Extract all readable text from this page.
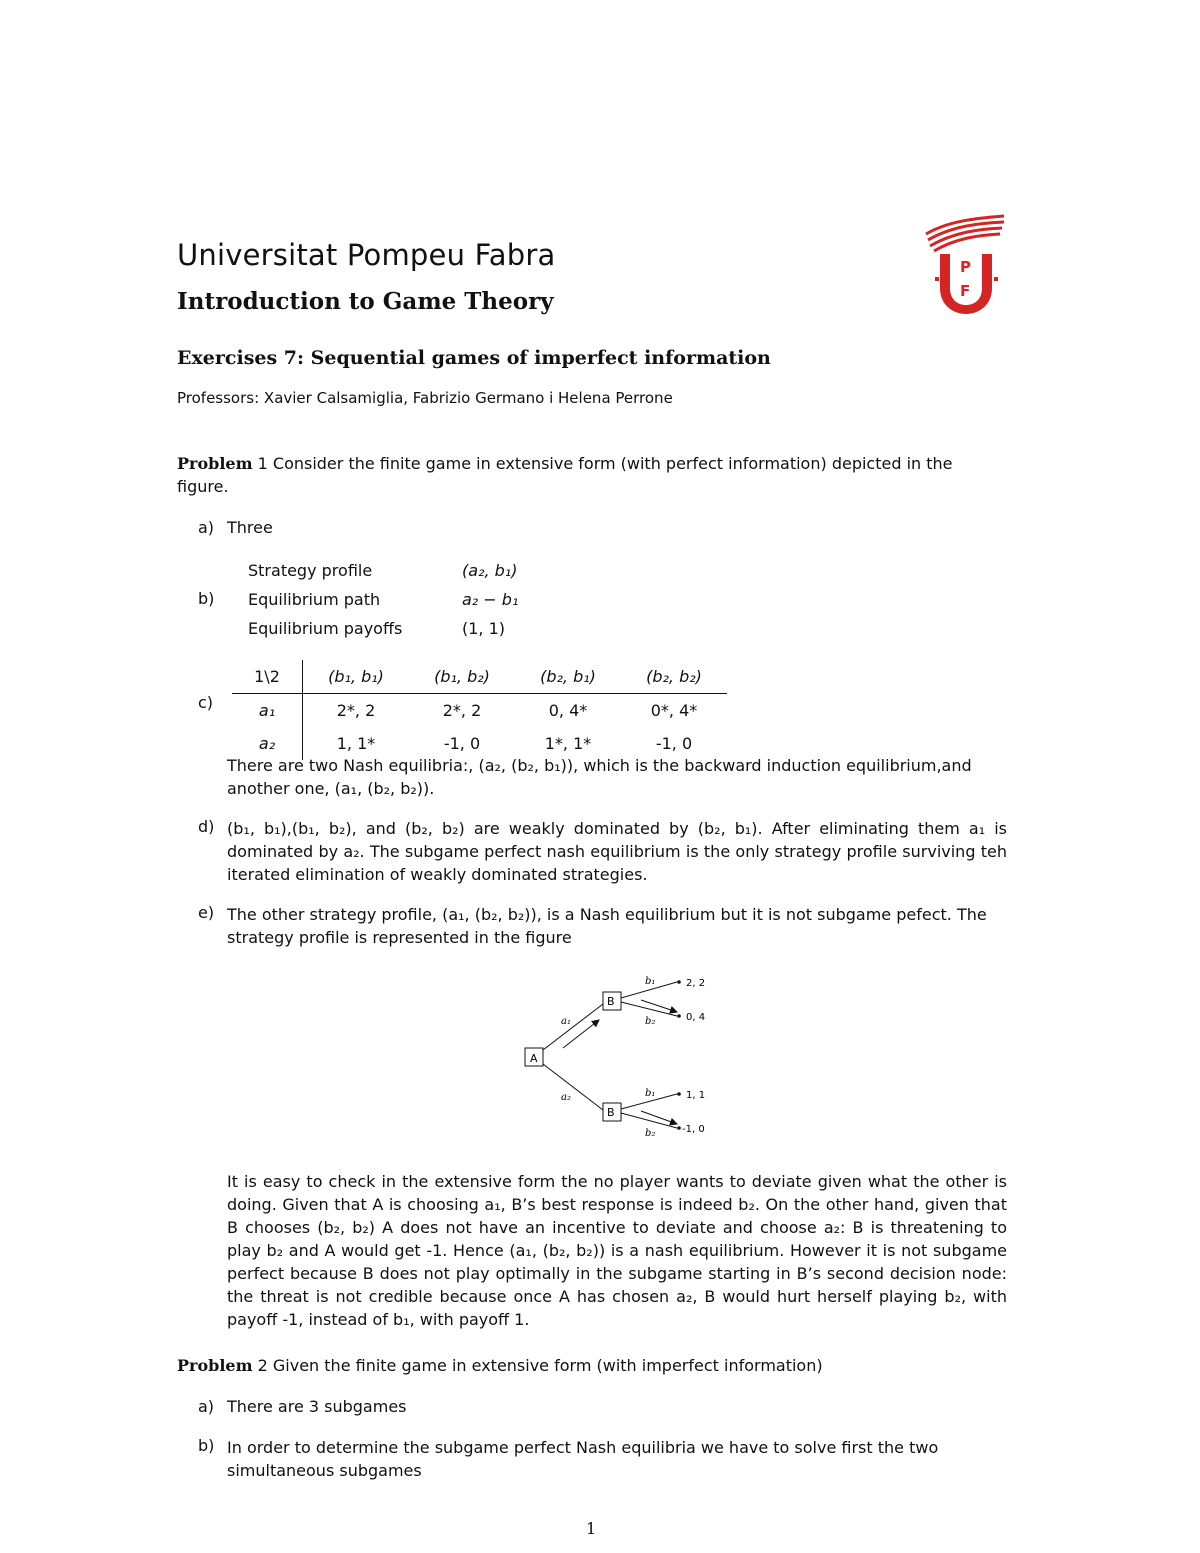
Universitat Pompeu Fabra
Introduction to Game Theory
P
F
Exercises 7: Sequential games of imperfect information
Professors: Xavier Calsamiglia, Fabrizio Germano i Helena Perrone
Problem 1 Consider the finite game in extensive form (with perfect information) depicted in the figure.
a) Three
b)
Strategy profile	(a₂, b₁)
Equilibrium path	a₂ − b₁
Equilibrium payoffs	(1, 1)
c)
1\2	(b₁, b₁)	(b₁, b₂)	(b₂, b₁)	(b₂, b₂)
a₁	2*, 2	2*, 2	0, 4*	0*, 4*
a₂	1, 1*	-1, 0	1*, 1*	-1, 0
There are two Nash equilibria:, (a₂, (b₂, b₁)), which is the backward induction equilibrium,and another one, (a₁, (b₂, b₂)).
d) (b₁, b₁),(b₁, b₂), and (b₂, b₂) are weakly dominated by (b₂, b₁). After eliminating them a₁ is dominated by a₂. The subgame perfect nash equilibrium is the only strategy profile surviving teh iterated elimination of weakly dominated strategies.
e) The other strategy profile, (a₁, (b₂, b₂)), is a Nash equilibrium but it is not subgame pefect. The strategy profile is represented in the figure
A
B
B
a₁
a₂
b₁
b₂
2, 2
0, 4
b₁
b₂
1, 1
-1, 0
It is easy to check in the extensive form the no player wants to deviate given what the other is doing. Given that A is choosing a₁, B’s best response is indeed b₂. On the other hand, given that B chooses (b₂, b₂) A does not have an incentive to deviate and choose a₂: B is threatening to play b₂ and A would get -1. Hence (a₁, (b₂, b₂)) is a nash equilibrium. However it is not subgame perfect because B does not play optimally in the subgame starting in B’s second decision node: the threat is not credible because once A has chosen a₂, B would hurt herself playing b₂, with payoff -1, instead of b₁, with payoff 1.
Problem 2 Given the finite game in extensive form (with imperfect information)
a) There are 3 subgames
b) In order to determine the subgame perfect Nash equilibria we have to solve first the two simultaneous subgames
1
